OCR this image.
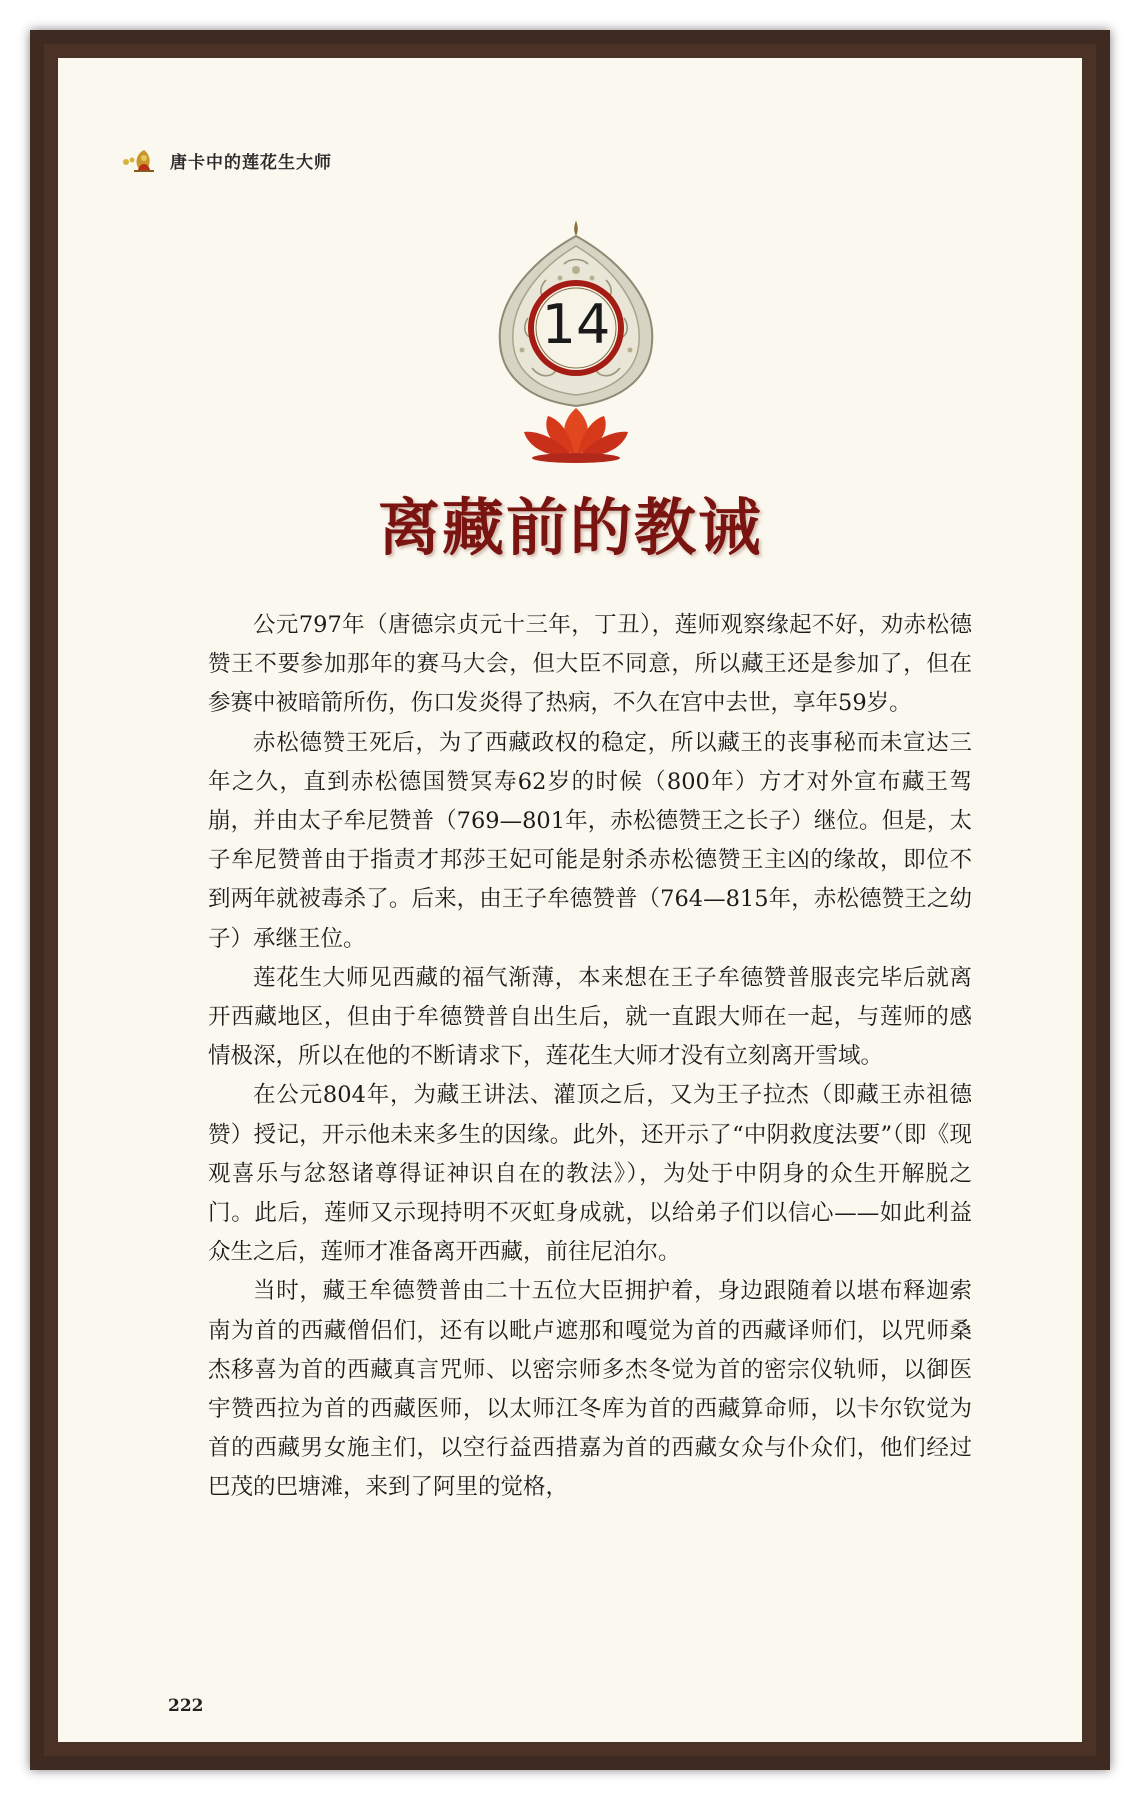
唐卡中的莲花生大师
14
离藏前的教诫

公元797年（唐德宗贞元十三年，丁丑），莲师观察缘起不好，劝赤松德赞王不要参加那年的赛马大会，但大臣不同意，所以藏王还是参加了，但在参赛中被暗箭所伤，伤口发炎得了热病，不久在宫中去世，享年59岁。

赤松德赞王死后，为了西藏政权的稳定，所以藏王的丧事秘而未宣达三年之久，直到赤松德国赞冥寿62岁的时候（800年）方才对外宣布藏王驾崩，并由太子牟尼赞普（769—801年，赤松德赞王之长子）继位。但是，太子牟尼赞普由于指责才邦莎王妃可能是射杀赤松德赞王主凶的缘故，即位不到两年就被毒杀了。后来，由王子牟德赞普（764—815年，赤松德赞王之幼子）承继王位。

莲花生大师见西藏的福气渐薄，本来想在王子牟德赞普服丧完毕后就离开西藏地区，但由于牟德赞普自出生后，就一直跟大师在一起，与莲师的感情极深，所以在他的不断请求下，莲花生大师才没有立刻离开雪域。

在公元804年，为藏王讲法、灌顶之后，又为王子拉杰（即藏王赤祖德赞）授记，开示他未来多生的因缘。此外，还开示了“中阴救度法要”（即《现观喜乐与忿怒诸尊得证神识自在的教法》），为处于中阴身的众生开解脱之门。此后，莲师又示现持明不灭虹身成就，以给弟子们以信心——如此利益众生之后，莲师才准备离开西藏，前往尼泊尔。

当时，藏王牟德赞普由二十五位大臣拥护着，身边跟随着以堪布释迦索南为首的西藏僧侣们，还有以毗卢遮那和嘎觉为首的西藏译师们，以咒师桑杰移喜为首的西藏真言咒师、以密宗师多杰冬觉为首的密宗仪轨师，以御医宇赞西拉为首的西藏医师，以太师江冬库为首的西藏算命师，以卡尔钦觉为首的西藏男女施主们，以空行益西措嘉为首的西藏女众与仆众们，他们经过巴茂的巴塘滩，来到了阿里的觉格，

222
